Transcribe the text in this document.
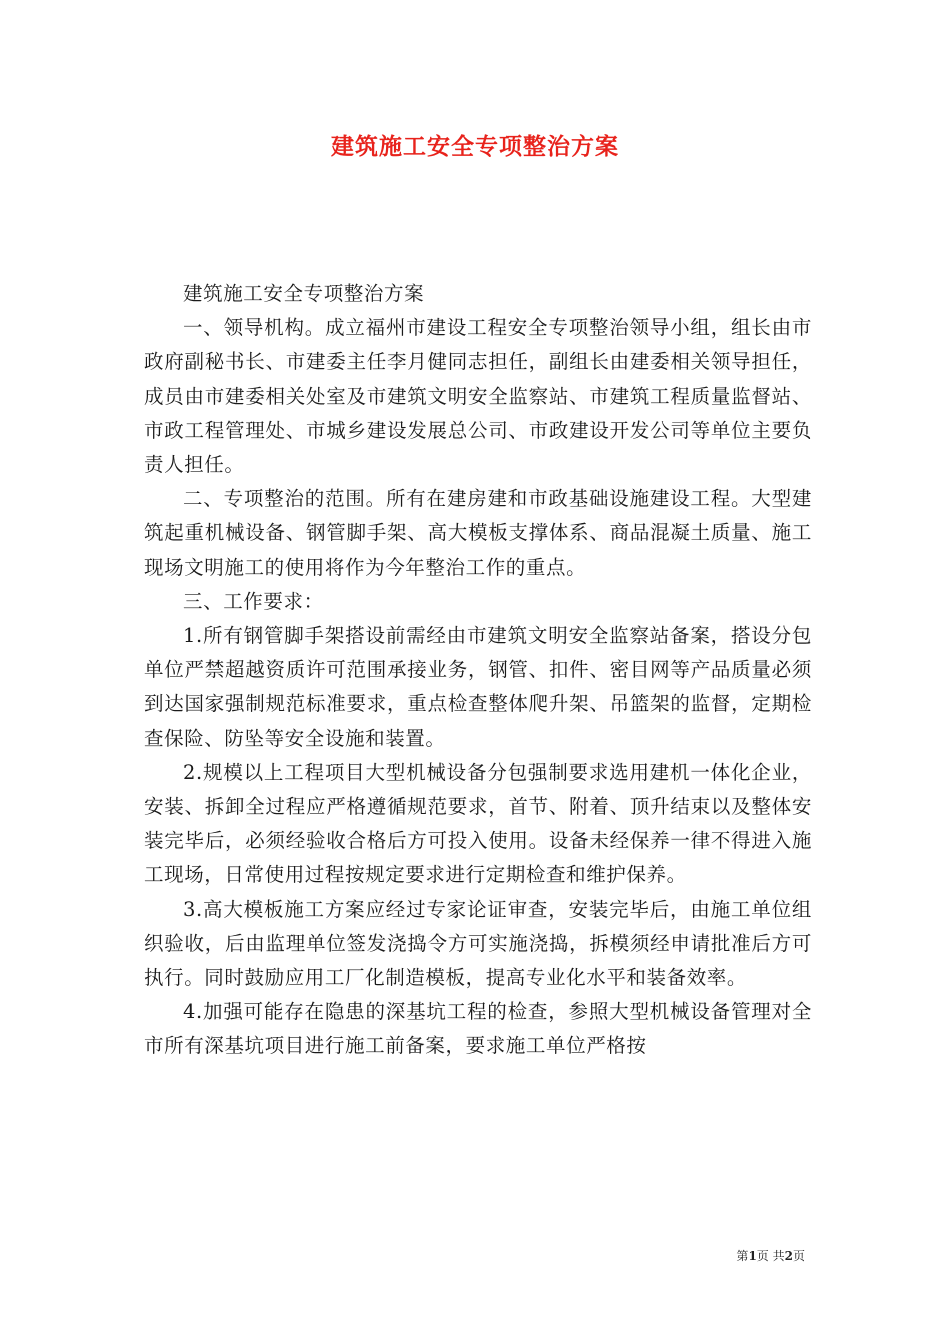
建筑施工安全专项整治方案

建筑施工安全专项整治方案

一、领导机构。成立福州市建设工程安全专项整治领导小组，组长由市政府副秘书长、市建委主任李月健同志担任，副组长由建委相关领导担任，成员由市建委相关处室及市建筑文明安全监察站、市建筑工程质量监督站、市政工程管理处、市城乡建设发展总公司、市政建设开发公司等单位主要负责人担任。

二、专项整治的范围。所有在建房建和市政基础设施建设工程。大型建筑起重机械设备、钢管脚手架、高大模板支撑体系、商品混凝土质量、施工现场文明施工的使用将作为今年整治工作的重点。

三、工作要求：

1.所有钢管脚手架搭设前需经由市建筑文明安全监察站备案，搭设分包单位严禁超越资质许可范围承接业务，钢管、扣件、密目网等产品质量必须到达国家强制规范标准要求，重点检查整体爬升架、吊篮架的监督，定期检查保险、防坠等安全设施和装置。

2.规模以上工程项目大型机械设备分包强制要求选用建机一体化企业，安装、拆卸全过程应严格遵循规范要求，首节、附着、顶升结束以及整体安装完毕后，必须经验收合格后方可投入使用。设备未经保养一律不得进入施工现场，日常使用过程按规定要求进行定期检查和维护保养。

3.高大模板施工方案应经过专家论证审查，安装完毕后，由施工单位组织验收，后由监理单位签发浇捣令方可实施浇捣，拆模须经申请批准后方可执行。同时鼓励应用工厂化制造模板，提高专业化水平和装备效率。

4.加强可能存在隐患的深基坑工程的检查，参照大型机械设备管理对全市所有深基坑项目进行施工前备案，要求施工单位严格按

第1页 共2页
